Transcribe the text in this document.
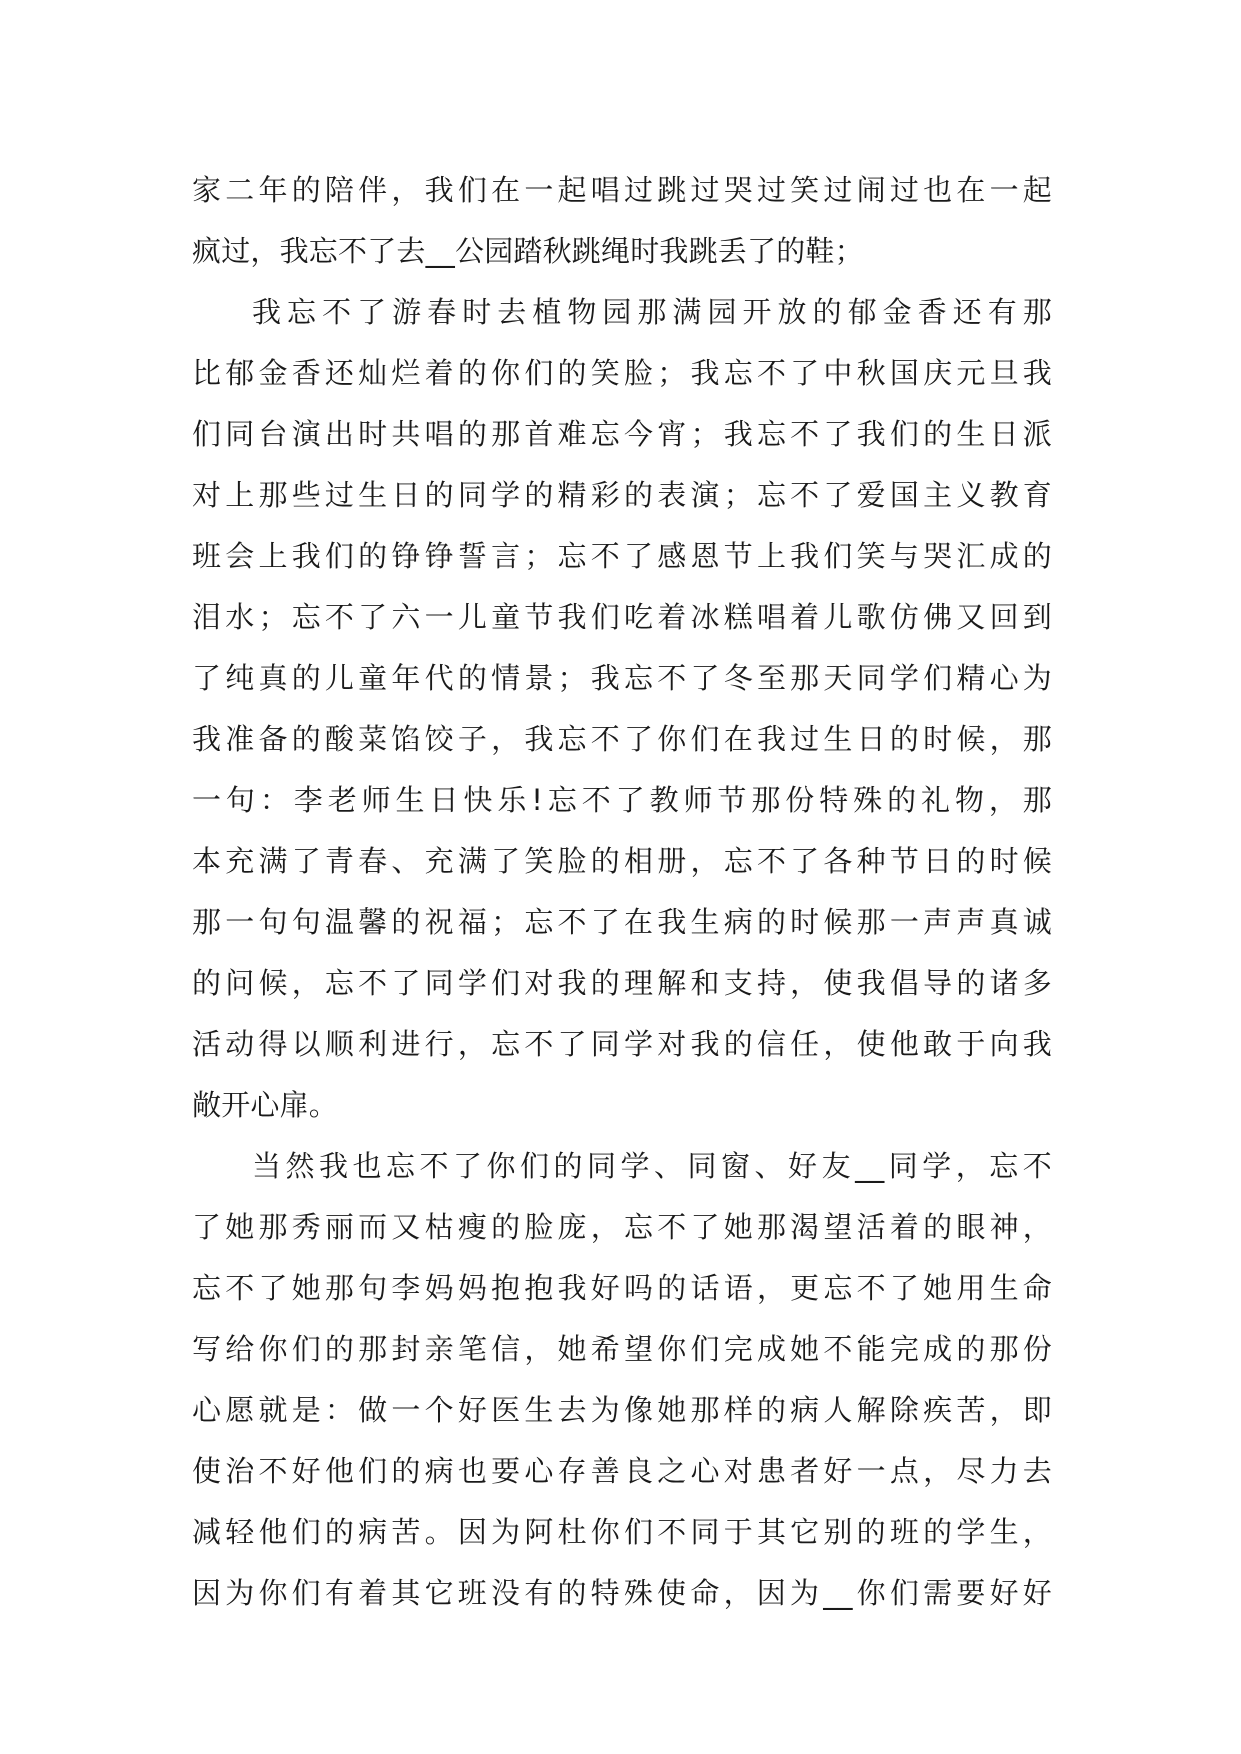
家二年的陪伴，我们在一起唱过跳过哭过笑过闹过也在一起
疯过，我忘不了去__公园踏秋跳绳时我跳丢了的鞋；
我忘不了游春时去植物园那满园开放的郁金香还有那
比郁金香还灿烂着的你们的笑脸；我忘不了中秋国庆元旦我
们同台演出时共唱的那首难忘今宵；我忘不了我们的生日派
对上那些过生日的同学的精彩的表演；忘不了爱国主义教育
班会上我们的铮铮誓言；忘不了感恩节上我们笑与哭汇成的
泪水；忘不了六一儿童节我们吃着冰糕唱着儿歌仿佛又回到
了纯真的儿童年代的情景；我忘不了冬至那天同学们精心为
我准备的酸菜馅饺子，我忘不了你们在我过生日的时候，那
一句：李老师生日快乐!忘不了教师节那份特殊的礼物，那
本充满了青春、充满了笑脸的相册，忘不了各种节日的时候
那一句句温馨的祝福；忘不了在我生病的时候那一声声真诚
的问候，忘不了同学们对我的理解和支持，使我倡导的诸多
活动得以顺利进行，忘不了同学对我的信任，使他敢于向我
敞开心扉。
当然我也忘不了你们的同学、同窗、好友__同学，忘不
了她那秀丽而又枯瘦的脸庞，忘不了她那渴望活着的眼神，
忘不了她那句李妈妈抱抱我好吗的话语，更忘不了她用生命
写给你们的那封亲笔信，她希望你们完成她不能完成的那份
心愿就是：做一个好医生去为像她那样的病人解除疾苦，即
使治不好他们的病也要心存善良之心对患者好一点，尽力去
减轻他们的病苦。因为阿杜你们不同于其它别的班的学生，
因为你们有着其它班没有的特殊使命，因为__你们需要好好
